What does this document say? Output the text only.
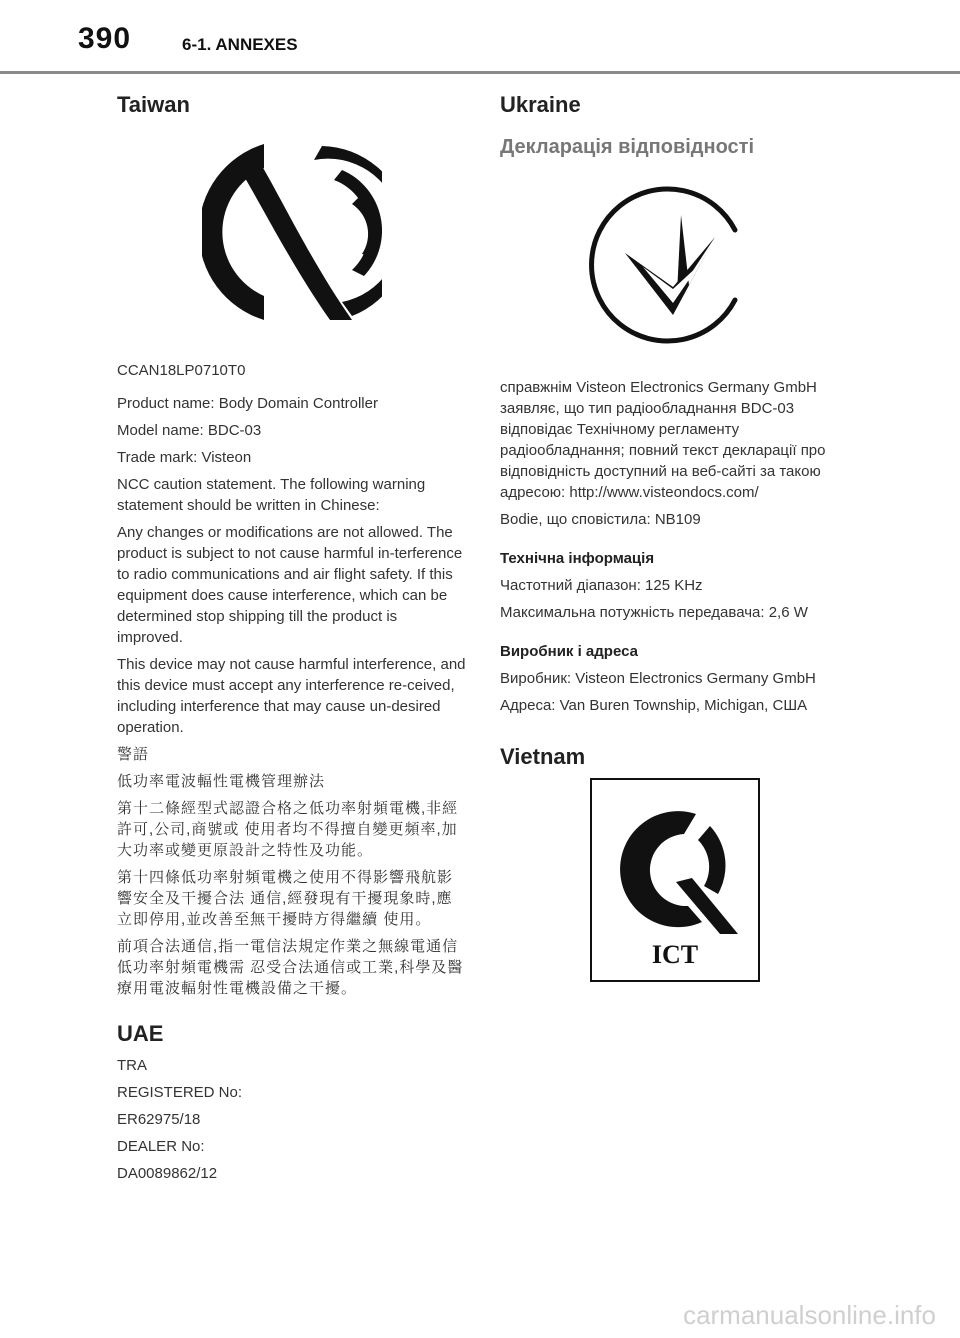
390	6-1. ANNEXES
Taiwan

CCAN18LP0710T0

Product name: Body Domain Controller

Model name: BDC-03

Trade mark: Visteon

NCC caution statement. The following warning statement should be written in Chinese:

Any changes or modifications are not allowed. The product is subject to not cause harmful in-terference to radio communications and air flight safety. If this equipment does cause interference, which can be determined stop shipping till the product is improved.

This device may not cause harmful interference, and this device must accept any interference re-ceived, including interference that may cause un-desired operation.

警語

低功率電波輻性電機管理辦法

第十二條經型式認證合格之低功率射頻電機,非經許可,公司,商號或 使用者均不得擅自變更頻率,加大功率或變更原設計之特性及功能。

第十四條低功率射頻電機之使用不得影響飛航影響安全及干擾合法 通信,經發現有干擾現象時,應立即停用,並改善至無干擾時方得繼續 使用。

前項合法通信,指一電信法規定作業之無線電通信低功率射頻電機需 忍受合法通信或工業,科學及醫療用電波輻射性電機設備之干擾。

UAE

TRA

REGISTERED No:

ER62975/18

DEALER No:

DA0089862/12

Ukraine
Декларація відповідності

справжнім Visteon Electronics Germany GmbH заявляє, що тип радіообладнання BDC-03 відповідає Технічному регламенту радіообладнання; повний текст декларації про відповідність доступний на веб-сайті за такою адресою: http://www.visteondocs.com/

Bodie, що сповістила: NB109

Технічна інформація

Частотний діапазон: 125 KHz

Максимальна потужність передавача: 2,6 W

Виробник і адреса

Виробник: Visteon Electronics Germany GmbH

Адреса: Van Buren Township, Michigan, США

Vietnam
ICT
carmanualsonline.info
